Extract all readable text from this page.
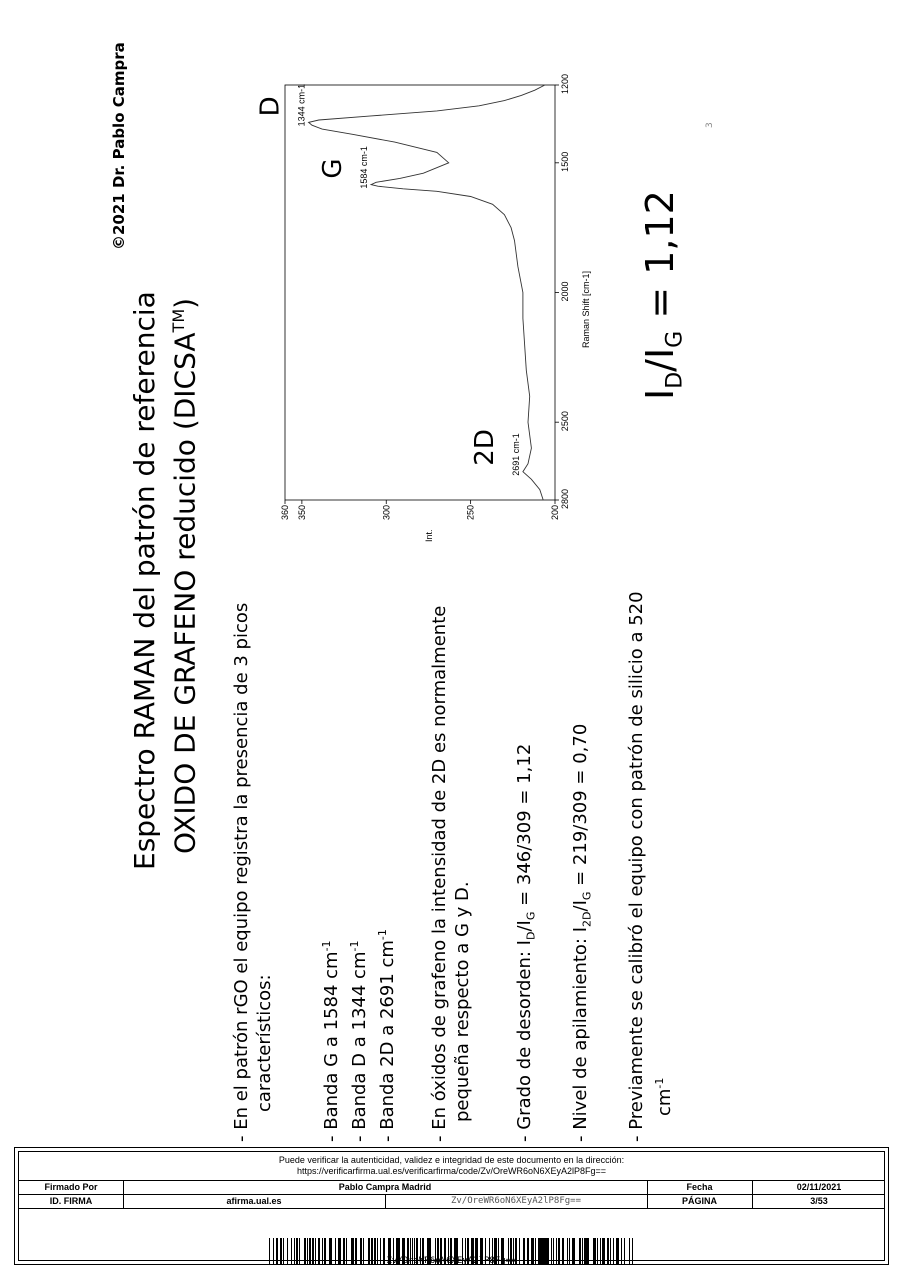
3
©2021 Dr. Pablo Campra
Espectro RAMAN del patrón de referencia OXIDO DE GRAFENO reducido (DICSA™)
- En el patrón rGO el equipo registra la presencia de 3 picos característicos:	- Banda G a 1584 $cm^{-1}$
- Banda D a 1344 $cm^{-1}$ - Banda 2D a 2691 $cm^{-1}$	- En óxidos de grafeno la intensidad de 2D es normalmente pequeña respecto a G y D. - Grado de desorden: $I_D/I_G = 346/309 = 1,12$
- Nivel de apilamiento: $I_{2D}/I_G = 219/309 = 0,70$	- Previamente se calibró el equipo con patrón de silicio a 520 $cm^{-1}$
$I_D/I_G = 1,12$
200
250
300
350
360
Int.
1200
1500
2000
2500
2800
Raman Shift [cm-1]
1344 cm-1
D
1584 cm-1
G
2691 cm-1
2D
Puede verificar la autenticidad, validez e integridad de este documento en la dirección:
https://verificarfirma.ual.es/verificarfirma/code/Zv/OreWR6oN6XEyA2lP8Fg==
Firmado Por	Pablo Campra Madrid	Fecha	02/11/2021
ID. FIRMA	afirma.ual.es	Zv/OreWR6oN6XEyA2lP8Fg==	PÁGINA	3/53
Zv/OreWR6oN6XEyA2lP8Fg==
